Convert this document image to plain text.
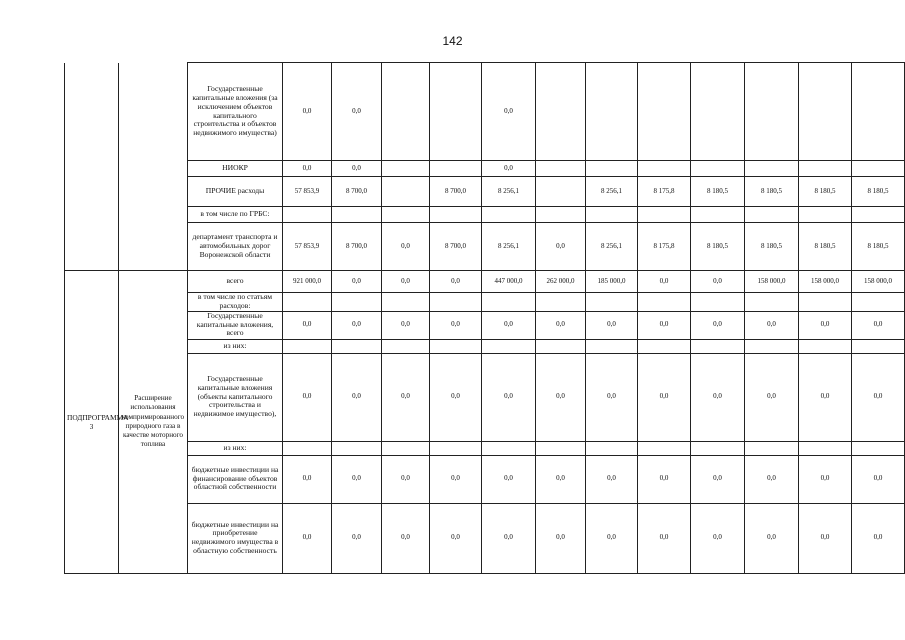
142
		Государственные капитальные вложения (за исключением объектов капитального строительства и объектов недвижимого имущества)	0,0	0,0			0,0							
		НИОКР	0,0	0,0			0,0							
		ПРОЧИЕ расходы	57 853,9	8 700,0		8 700,0	8 256,1		8 256,1	8 175,8	8 180,5	8 180,5	8 180,5	8 180,5
		в том числе по ГРБС:												
		департамент транспорта и автомобильных дорог Воронежской области	57 853,9	8 700,0	0,0	8 700,0	8 256,1	0,0	8 256,1	8 175,8	8 180,5	8 180,5	8 180,5	8 180,5
ПОДПРОГРАММА 3	Расширение использования компримированного природного газа в качестве моторного топлива	всего	921 000,0	0,0	0,0	0,0	447 000,0	262 000,0	185 000,0	0,0	0,0	158 000,0	158 000,0	158 000,0
		в том числе по статьям расходов:												
		Государственные капитальные вложения, всего	0,0	0,0	0,0	0,0	0,0	0,0	0,0	0,0	0,0	0,0	0,0	0,0
		из них:												
		Государственные капитальные вложения (объекты капитального строительства и недвижимое имущество),	0,0	0,0	0,0	0,0	0,0	0,0	0,0	0,0	0,0	0,0	0,0	0,0
		из них:												
		бюджетные инвестиции на финансирование объектов областной собственности	0,0	0,0	0,0	0,0	0,0	0,0	0,0	0,0	0,0	0,0	0,0	0,0
		бюджетные инвестиции на приобретение недвижимого имущества в областную собственность	0,0	0,0	0,0	0,0	0,0	0,0	0,0	0,0	0,0	0,0	0,0	0,0
